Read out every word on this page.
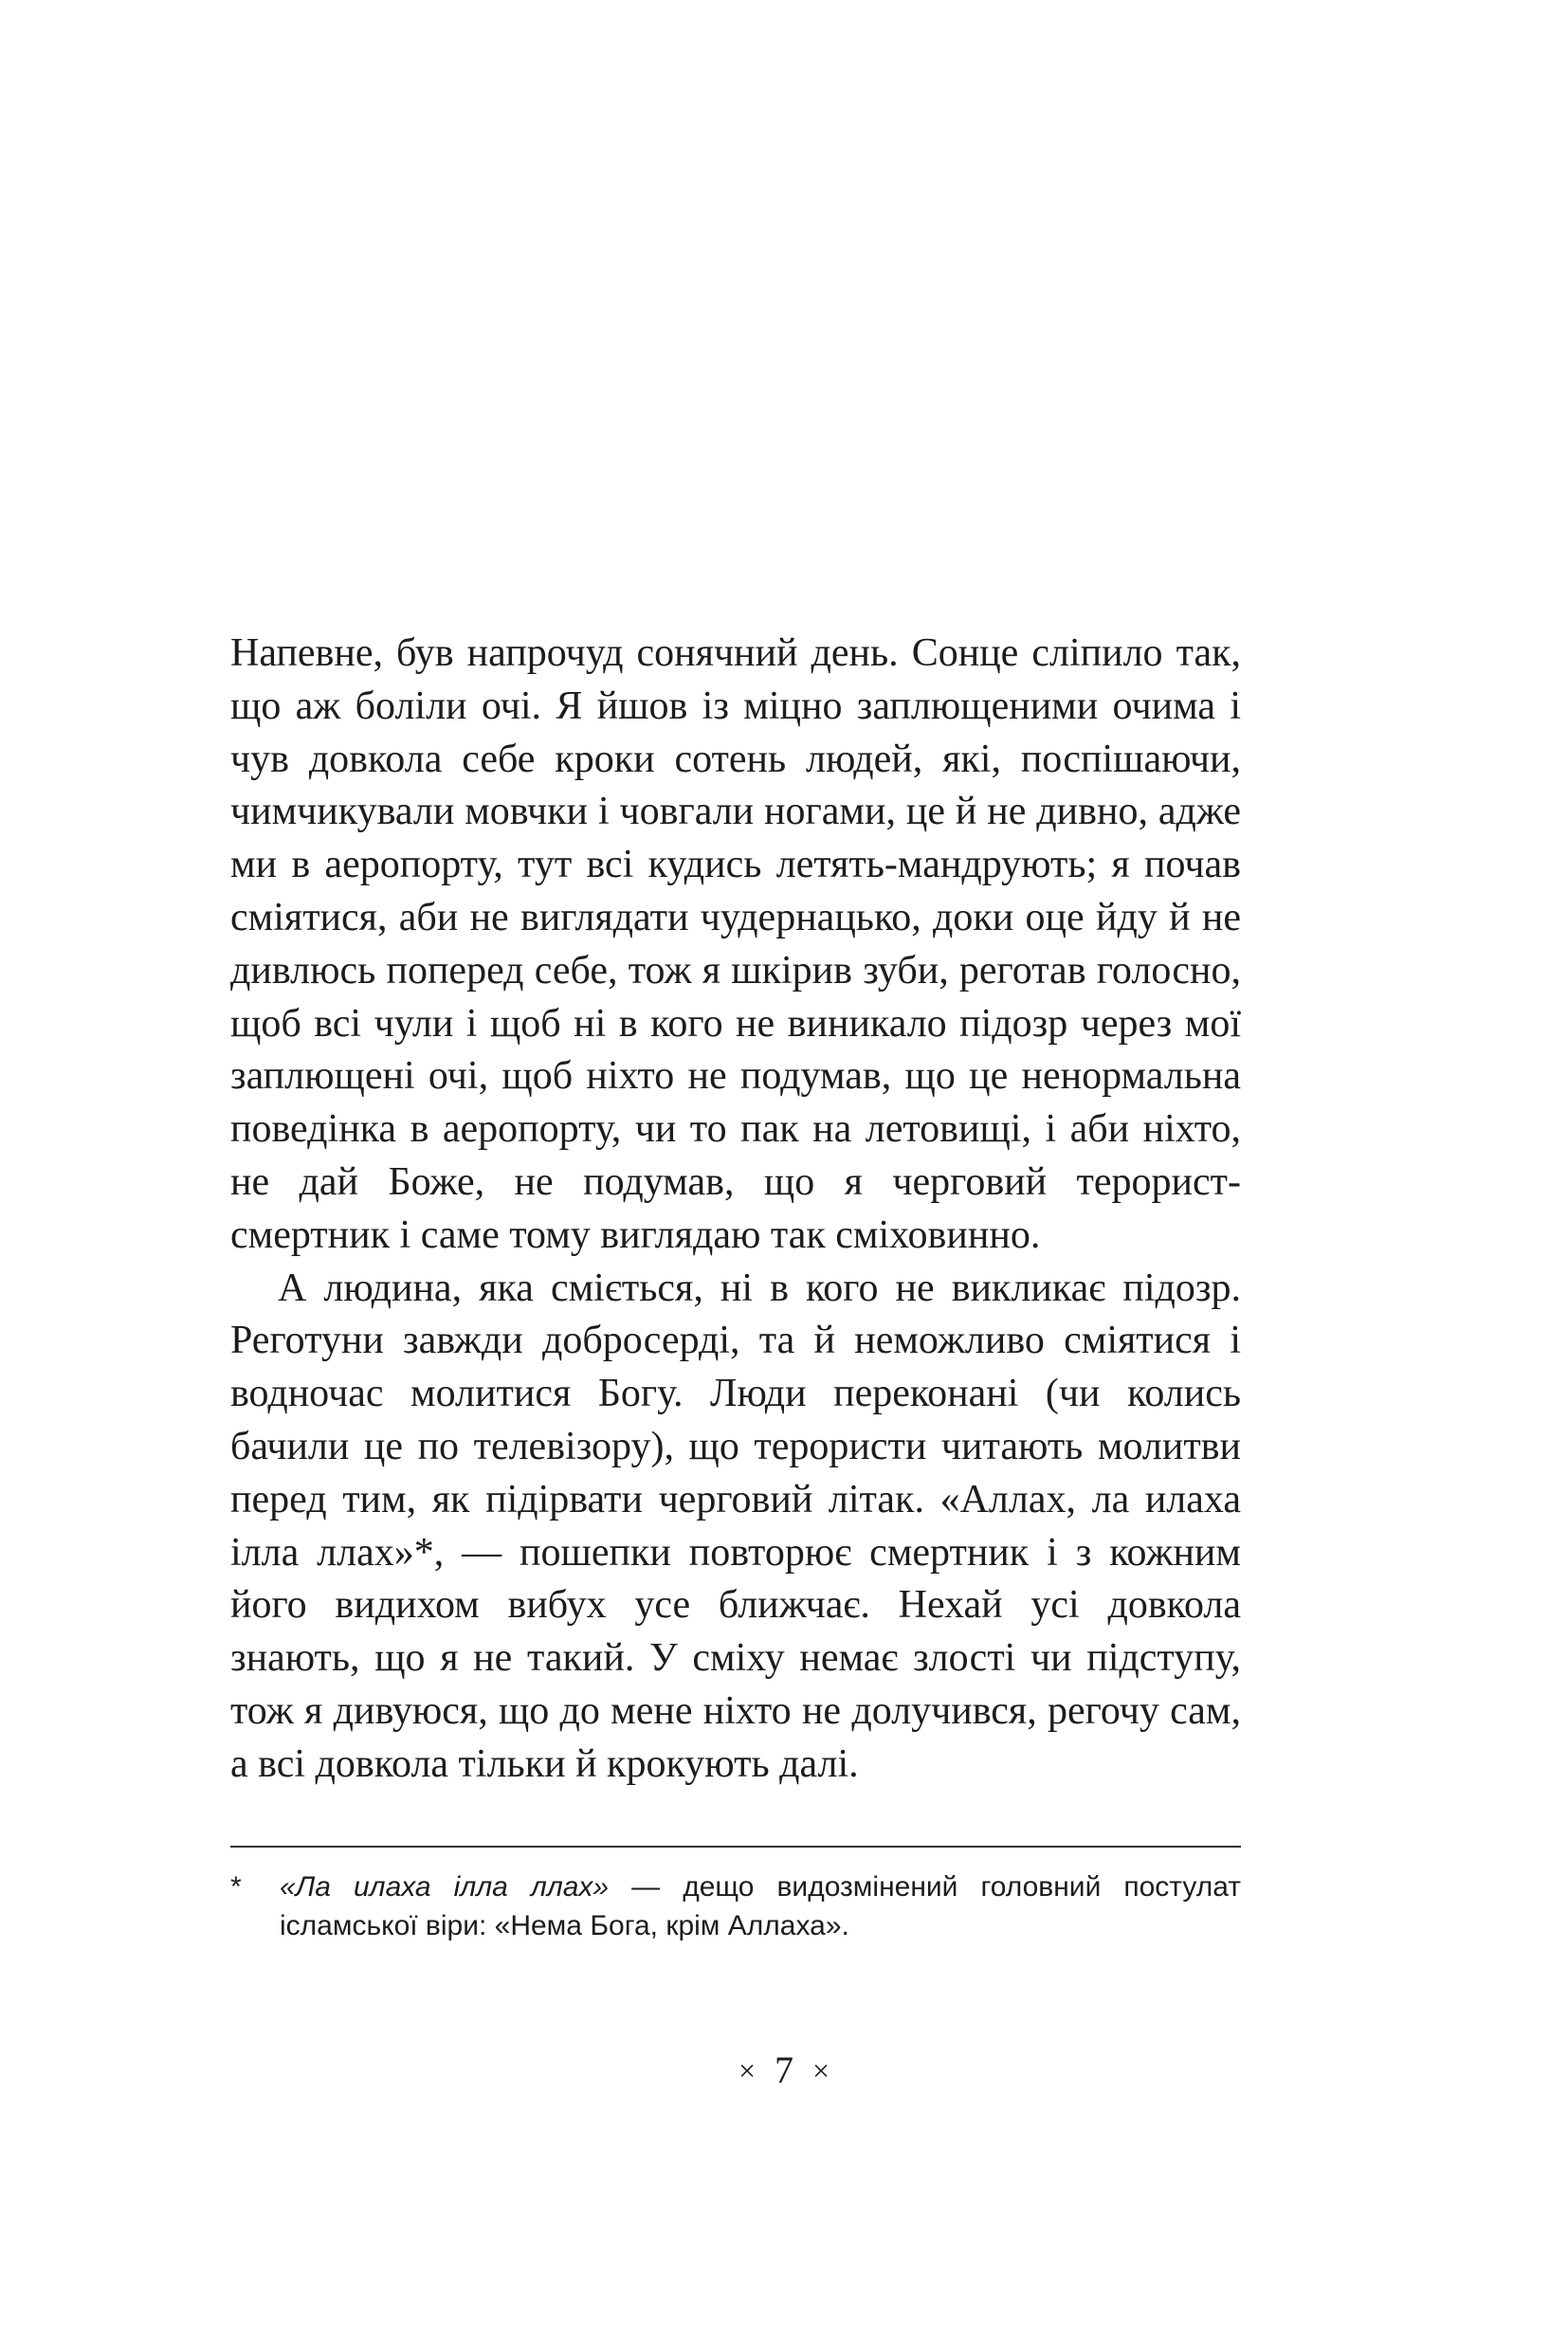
Напевне, був напрочуд сонячний день. Сонце сліпило так, що аж боліли очі. Я йшов із міцно заплющеними очима і чув довкола себе кроки сотень людей, які, поспішаючи, чимчикували мовчки і човгали ногами, це й не дивно, адже ми в аеропорту, тут всі кудись летять-мандрують; я почав сміятися, аби не виглядати чудернацько, доки оце йду й не дивлюсь поперед себе, тож я шкірив зуби, реготав голосно, щоб всі чули і щоб ні в кого не виникало підозр через мої заплющені очі, щоб ніхто не подумав, що це ненормальна поведінка в аеропорту, чи то пак на летовищі, і аби ніхто, не дай Боже, не подумав, що я черговий терорист-смертник і саме тому виглядаю так сміховинно.

А людина, яка сміється, ні в кого не викликає підозр. Реготуни завжди добросерді, та й неможливо сміятися і водночас молитися Богу. Люди переконані (чи колись бачили це по телевізору), що терористи читають молитви перед тим, як підірвати черговий літак. «Аллах, ла илаха ілла ллах»*, — пошепки повторює смертник і з кожним його видихом вибух усе ближчає. Нехай усі довкола знають, що я не такий. У сміху немає злості чи підступу, тож я дивуюся, що до мене ніхто не долучився, регочу сам, а всі довкола тільки й крокують далі.

* «Ла илаха ілла ллах» — дещо видозмінений головний постулат ісламської віри: «Нема Бога, крім Аллаха».
× 7 ×
